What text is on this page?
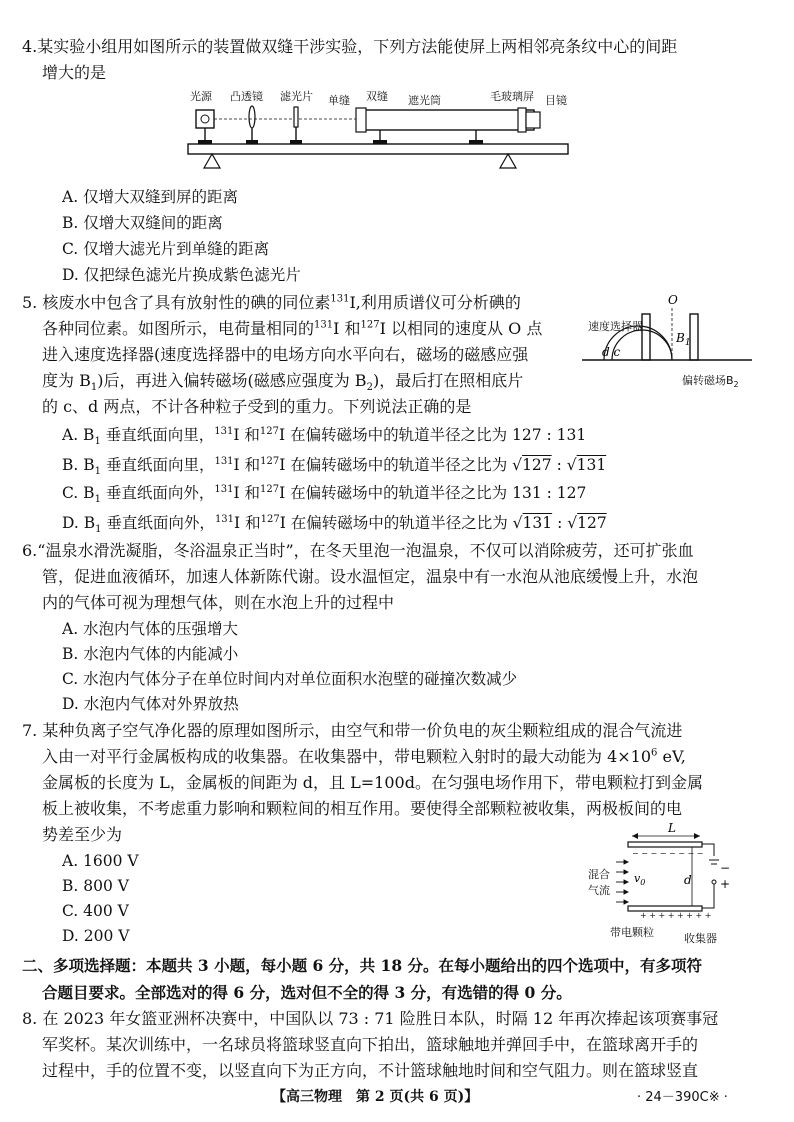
4.某实验小组用如图所示的装置做双缝干涉实验，下列方法能使屏上两相邻亮条纹中心的间距
增大的是
光源 凸透镜 滤光片 单缝 双缝 遮光筒	毛玻璃屏 目镜
A. 仅增大双缝到屏的距离
B. 仅增大双缝间的距离
C. 仅增大滤光片到单缝的距离
D. 仅把绿色滤光片换成紫色滤光片
5. 核废水中包含了具有放射性的碘的同位素$^{131}$I,利用质谱仪可分析碘的
各种同位素。如图所示，电荷量相同的$^{131}$I 和$^{127}$I 以相同的速度从 O 点
进入速度选择器(速度选择器中的电场方向水平向右，磁场的磁感应强
度为 $B_1$)后，再进入偏转磁场(磁感应强度为 $B_2$)，最后打在照相底片
的 c、d 两点，不计各种粒子受到的重力。下列说法正确的是
O
速度选择器
$B_1$
d c
偏转磁场$B_2$
A. $B_1$ 垂直纸面向里，$^{131}$I 和$^{127}$I 在偏转磁场中的轨道半径之比为 127 : 131
B. $B_1$ 垂直纸面向里，$^{131}$I 和$^{127}$I 在偏转磁场中的轨道半径之比为 √127 : √131
C. $B_1$ 垂直纸面向外，$^{131}$I 和$^{127}$I 在偏转磁场中的轨道半径之比为 131 : 127
D. $B_1$ 垂直纸面向外，$^{131}$I 和$^{127}$I 在偏转磁场中的轨道半径之比为 √131 : √127
6.“温泉水滑洗凝脂，冬浴温泉正当时”，在冬天里泡一泡温泉，不仅可以消除疲劳，还可扩张血
管，促进血液循环，加速人体新陈代谢。设水温恒定，温泉中有一水泡从池底缓慢上升，水泡
内的气体可视为理想气体，则在水泡上升的过程中
A. 水泡内气体的压强增大
B. 水泡内气体的内能减小
C. 水泡内气体分子在单位时间内对单位面积水泡壁的碰撞次数减少
D. 水泡内气体对外界放热
7. 某种负离子空气净化器的原理如图所示，由空气和带一价负电的灰尘颗粒组成的混合气流进
入由一对平行金属板构成的收集器。在收集器中，带电颗粒入射时的最大动能为 $4\times 10^6$ eV,
金属板的长度为 L，金属板的间距为 d，且 L=100d。在匀强电场作用下，带电颗粒打到金属
板上被收集，不考虑重力影响和颗粒间的相互作用。要使得全部颗粒被收集，两极板间的电
势差至少为
A. 1600 V
B. 800 V
C. 400 V
D. 200 V
L
+ + + + + + + +
− − − − − − − −
混合
气流
$v_0$	d
−
+
带电颗粒	收集器
二、多项选择题：本题共 3 小题，每小题 6 分，共 18 分。在每小题给出的四个选项中，有多项符
合题目要求。全部选对的得 6 分，选对但不全的得 3 分，有选错的得 0 分。
8. 在 2023 年女篮亚洲杯决赛中，中国队以 73 : 71 险胜日本队，时隔 12 年再次捧起该项赛事冠
军奖杯。某次训练中，一名球员将篮球竖直向下拍出，篮球触地并弹回手中，在篮球离开手的
过程中，手的位置不变，以竖直向下为正方向，不计篮球触地时间和空气阻力。则在篮球竖直
【高三物理　第 2 页(共 6 页)】	· 24－390C※ ·
